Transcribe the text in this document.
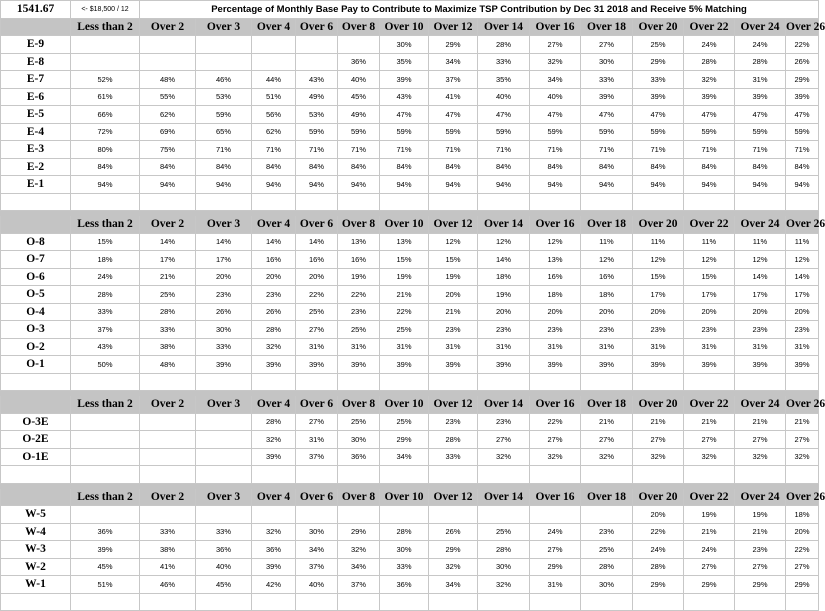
1541.67	<- $18,500 / 12	Percentage of Monthly Base Pay to Contribute to Maximize TSP Contribution by Dec 31 2018 and Receive 5% Matching													
	Less than 2	Over 2	Over 3	Over 4	Over 6	Over 8	Over 10	Over 12	Over 14	Over 16	Over 18	Over 20	Over 22	Over 24	Over 26
E-9							30%	29%	28%	27%	27%	25%	24%	24%	22%
E-8						36%	35%	34%	33%	32%	30%	29%	28%	28%	26%
E-7	52%	48%	46%	44%	43%	40%	39%	37%	35%	34%	33%	33%	32%	31%	29%
E-6	61%	55%	53%	51%	49%	45%	43%	41%	40%	40%	39%	39%	39%	39%	39%
E-5	66%	62%	59%	56%	53%	49%	47%	47%	47%	47%	47%	47%	47%	47%	47%
E-4	72%	69%	65%	62%	59%	59%	59%	59%	59%	59%	59%	59%	59%	59%	59%
E-3	80%	75%	71%	71%	71%	71%	71%	71%	71%	71%	71%	71%	71%	71%	71%
E-2	84%	84%	84%	84%	84%	84%	84%	84%	84%	84%	84%	84%	84%	84%	84%
E-1	94%	94%	94%	94%	94%	94%	94%	94%	94%	94%	94%	94%	94%	94%	94%

	Less than 2	Over 2	Over 3	Over 4	Over 6	Over 8	Over 10	Over 12	Over 14	Over 16	Over 18	Over 20	Over 22	Over 24	Over 26
O-8	15%	14%	14%	14%	14%	13%	13%	12%	12%	12%	11%	11%	11%	11%	11%
O-7	18%	17%	17%	16%	16%	16%	15%	15%	14%	13%	12%	12%	12%	12%	12%
O-6	24%	21%	20%	20%	20%	19%	19%	19%	18%	16%	16%	15%	15%	14%	14%
O-5	28%	25%	23%	23%	22%	22%	21%	20%	19%	18%	18%	17%	17%	17%	17%
O-4	33%	28%	26%	26%	25%	23%	22%	21%	20%	20%	20%	20%	20%	20%	20%
O-3	37%	33%	30%	28%	27%	25%	25%	23%	23%	23%	23%	23%	23%	23%	23%
O-2	43%	38%	33%	32%	31%	31%	31%	31%	31%	31%	31%	31%	31%	31%	31%
O-1	50%	48%	39%	39%	39%	39%	39%	39%	39%	39%	39%	39%	39%	39%	39%

	Less than 2	Over 2	Over 3	Over 4	Over 6	Over 8	Over 10	Over 12	Over 14	Over 16	Over 18	Over 20	Over 22	Over 24	Over 26
O-3E				28%	27%	25%	25%	23%	23%	22%	21%	21%	21%	21%	21%
O-2E				32%	31%	30%	29%	28%	27%	27%	27%	27%	27%	27%	27%
O-1E				39%	37%	36%	34%	33%	32%	32%	32%	32%	32%	32%	32%

	Less than 2	Over 2	Over 3	Over 4	Over 6	Over 8	Over 10	Over 12	Over 14	Over 16	Over 18	Over 20	Over 22	Over 24	Over 26
W-5												20%	19%	19%	18%
W-4	36%	33%	33%	32%	30%	29%	28%	26%	25%	24%	23%	22%	21%	21%	20%
W-3	39%	38%	36%	36%	34%	32%	30%	29%	28%	27%	25%	24%	24%	23%	22%
W-2	45%	41%	40%	39%	37%	34%	33%	32%	30%	29%	28%	28%	27%	27%	27%
W-1	51%	46%	45%	42%	40%	37%	36%	34%	32%	31%	30%	29%	29%	29%	29%
